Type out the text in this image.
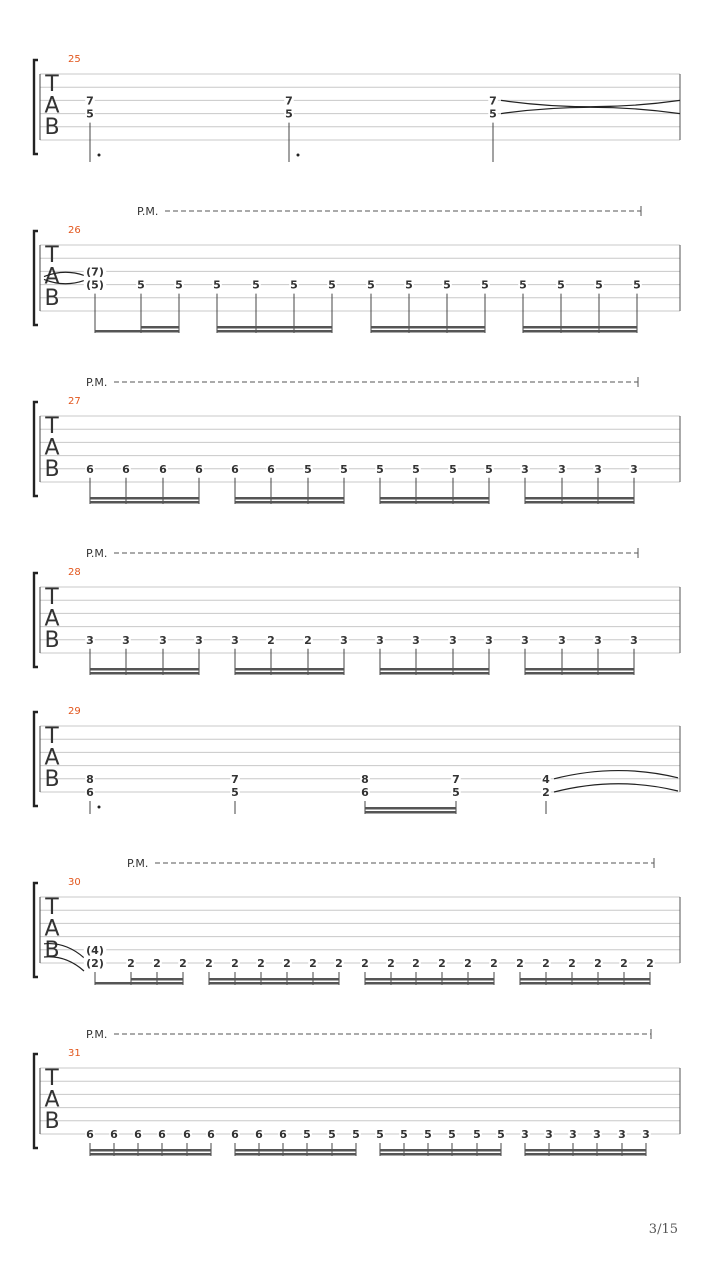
25
T
A
B
7
5
7
5
7
5
26
T
A
B
P.M.
(7)
(5)	5	5	5	5	5	5	5	5	5	5	5	5	5	5
27
T
A
B
P.M.
6	6	6	6	6	6	5	5	5	5	5	5	3	3	3	3
28
T
A
B
P.M.
3	3	3	3	3	2	2	3	3	3	3	3	3	3	3	3
29
T
A
B 8
6
7
5
8
6
7
5
4
2
30
T
A
B
P.M.
(4)
(2) 2 2 2 2 2 2 2 2 2 2 2 2 2 2 2 2 2 2 2 2 2
31
T
A
B
P.M.
6 6 6 6 6 6 6 6 6 5 5 5 5 5 5 5 5 5 3 3 3 3 3 3
3/15
